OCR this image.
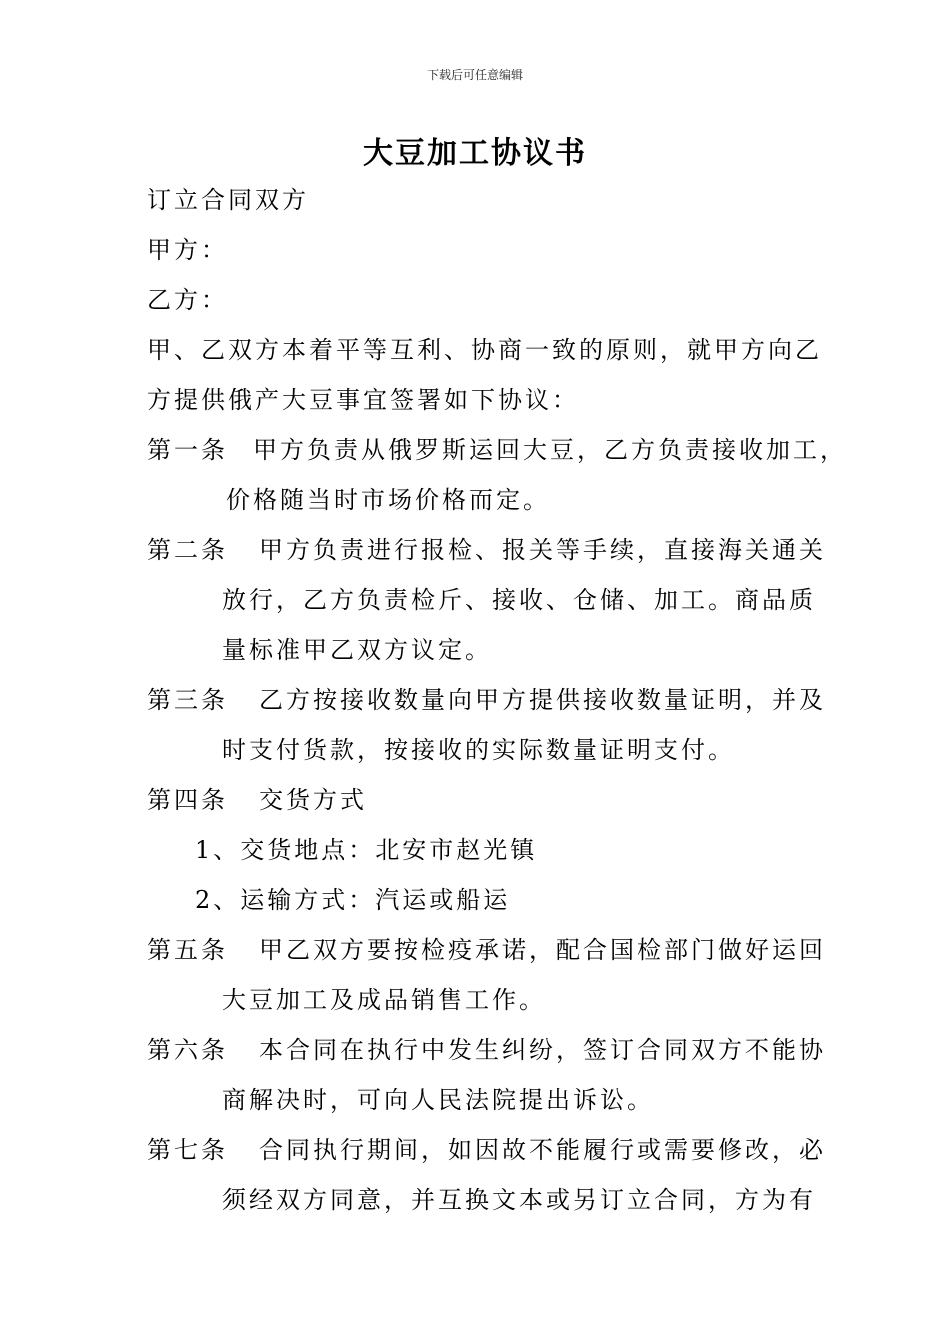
下载后可任意编辑
大豆加工协议书
订立合同双方
甲方：
乙方：
甲、乙双方本着平等互利、协商一致的原则，就甲方向乙
方提供俄产大豆事宜签署如下协议：
第一条 甲方负责从俄罗斯运回大豆，乙方负责接收加工，
价格随当时市场价格而定。
第二条 甲方负责进行报检、报关等手续，直接海关通关
放行，乙方负责检斤、接收、仓储、加工。商品质
量标准甲乙双方议定。
第三条 乙方按接收数量向甲方提供接收数量证明，并及
时支付货款，按接收的实际数量证明支付。
第四条 交货方式
1、交货地点：北安市赵光镇
2、运输方式：汽运或船运
第五条 甲乙双方要按检疫承诺，配合国检部门做好运回
大豆加工及成品销售工作。
第六条 本合同在执行中发生纠纷，签订合同双方不能协
商解决时，可向人民法院提出诉讼。
第七条 合同执行期间，如因故不能履行或需要修改，必
须经双方同意，并互换文本或另订立合同，方为有
